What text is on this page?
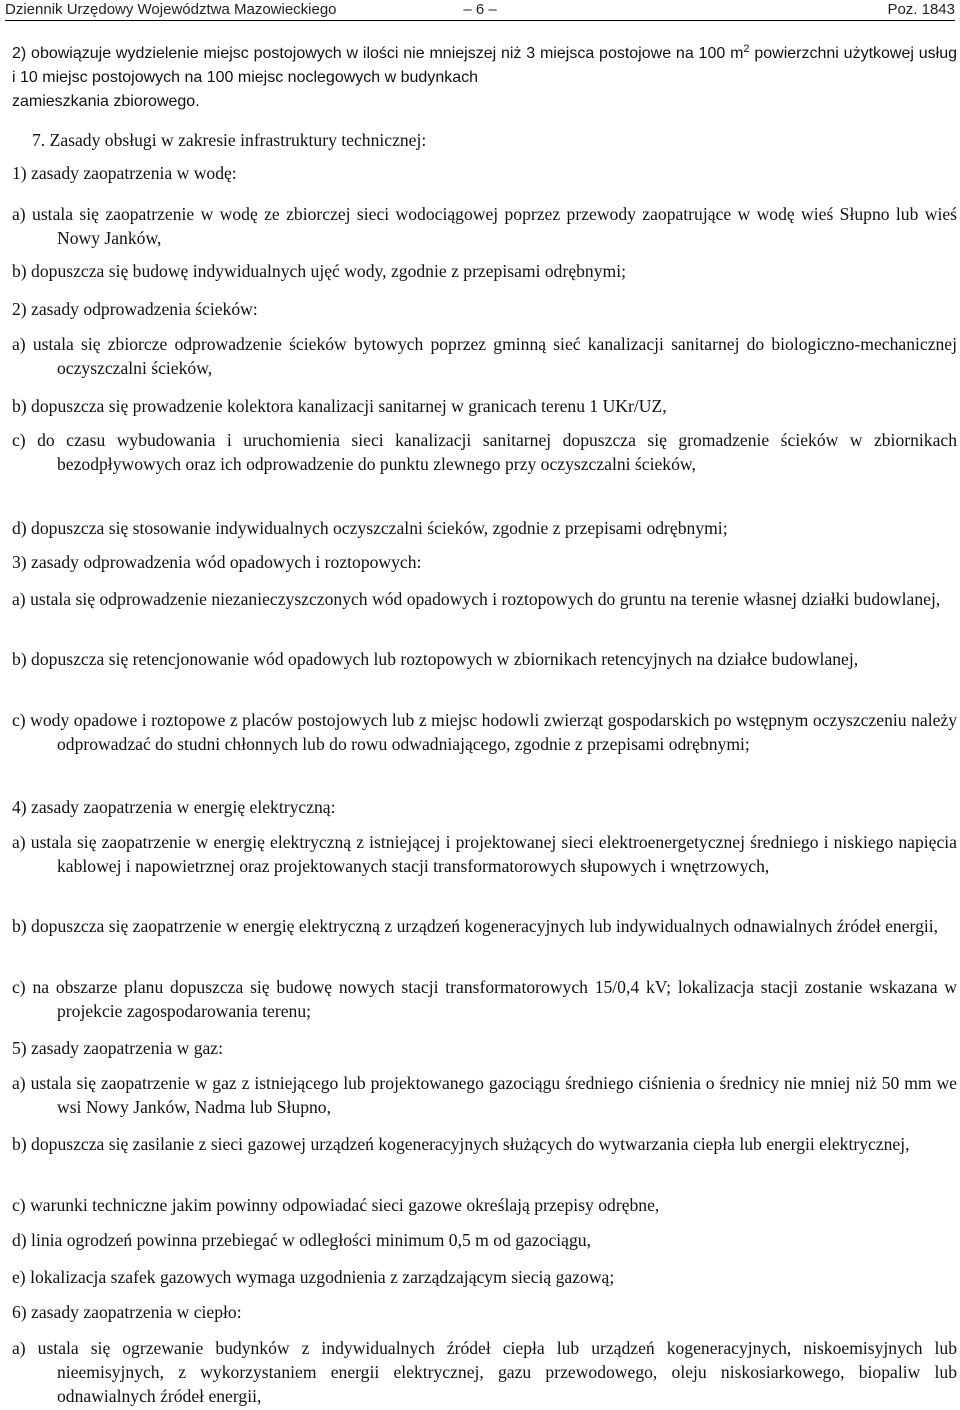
Dziennik Urzędowy Województwa Mazowieckiego	– 6 –	Poz. 1843
2) obowiązuje wydzielenie miejsc postojowych w ilości nie mniejszej niż 3 miejsca postojowe na 100 $m^2$ powierzchni użytkowej usług i 10 miejsc postojowych na 100 miejsc noclegowych w budynkach
zamieszkania zbiorowego.
7. Zasady obsługi w zakresie infrastruktury technicznej:
1) zasady zaopatrzenia w wodę:
a) ustala się zaopatrzenie w wodę ze zbiorczej sieci wodociągowej poprzez przewody zaopatrujące w wodę wieś Słupno lub wieś Nowy Janków,
b) dopuszcza się budowę indywidualnych ujęć wody, zgodnie z przepisami odrębnymi;
2) zasady odprowadzenia ścieków:
a) ustala się zbiorcze odprowadzenie ścieków bytowych poprzez gminną sieć kanalizacji sanitarnej do biologiczno-mechanicznej oczyszczalni ścieków,
b) dopuszcza się prowadzenie kolektora kanalizacji sanitarnej w granicach terenu 1 UKr/UZ,
c) do czasu wybudowania i uruchomienia sieci kanalizacji sanitarnej dopuszcza się gromadzenie ścieków w zbiornikach bezodpływowych oraz ich odprowadzenie do punktu zlewnego przy oczyszczalni ścieków,
d) dopuszcza się stosowanie indywidualnych oczyszczalni ścieków, zgodnie z przepisami odrębnymi;
3) zasady odprowadzenia wód opadowych i roztopowych:
a) ustala się odprowadzenie niezanieczyszczonych wód opadowych i roztopowych do gruntu na terenie własnej działki budowlanej,
b) dopuszcza się retencjonowanie wód opadowych lub roztopowych w zbiornikach retencyjnych na działce budowlanej,
c) wody opadowe i roztopowe z placów postojowych lub z miejsc hodowli zwierząt gospodarskich po wstępnym oczyszczeniu należy odprowadzać do studni chłonnych lub do rowu odwadniającego, zgodnie z przepisami odrębnymi;
4) zasady zaopatrzenia w energię elektryczną:
a) ustala się zaopatrzenie w energię elektryczną z istniejącej i projektowanej sieci elektroenergetycznej średniego i niskiego napięcia kablowej i napowietrznej oraz projektowanych stacji transformatorowych słupowych i wnętrzowych,
b) dopuszcza się zaopatrzenie w energię elektryczną z urządzeń kogeneracyjnych lub indywidualnych odnawialnych źródeł energii,
c) na obszarze planu dopuszcza się budowę nowych stacji transformatorowych 15/0,4 kV; lokalizacja stacji zostanie wskazana w projekcie zagospodarowania terenu;
5) zasady zaopatrzenia w gaz:
a) ustala się zaopatrzenie w gaz z istniejącego lub projektowanego gazociągu średniego ciśnienia o średnicy nie mniej niż 50 mm we wsi Nowy Janków, Nadma lub Słupno,
b) dopuszcza się zasilanie z sieci gazowej urządzeń kogeneracyjnych służących do wytwarzania ciepła lub energii elektrycznej,
c) warunki techniczne jakim powinny odpowiadać sieci gazowe określają przepisy odrębne,
d) linia ogrodzeń powinna przebiegać w odległości minimum 0,5 m od gazociągu,
e) lokalizacja szafek gazowych wymaga uzgodnienia z zarządzającym siecią gazową;
6) zasady zaopatrzenia w ciepło:
a) ustala się ogrzewanie budynków z indywidualnych źródeł ciepła lub urządzeń kogeneracyjnych, niskoemisyjnych lub nieemisyjnych, z wykorzystaniem energii elektrycznej, gazu przewodowego, oleju niskosiarkowego, biopaliw lub odnawialnych źródeł energii,
